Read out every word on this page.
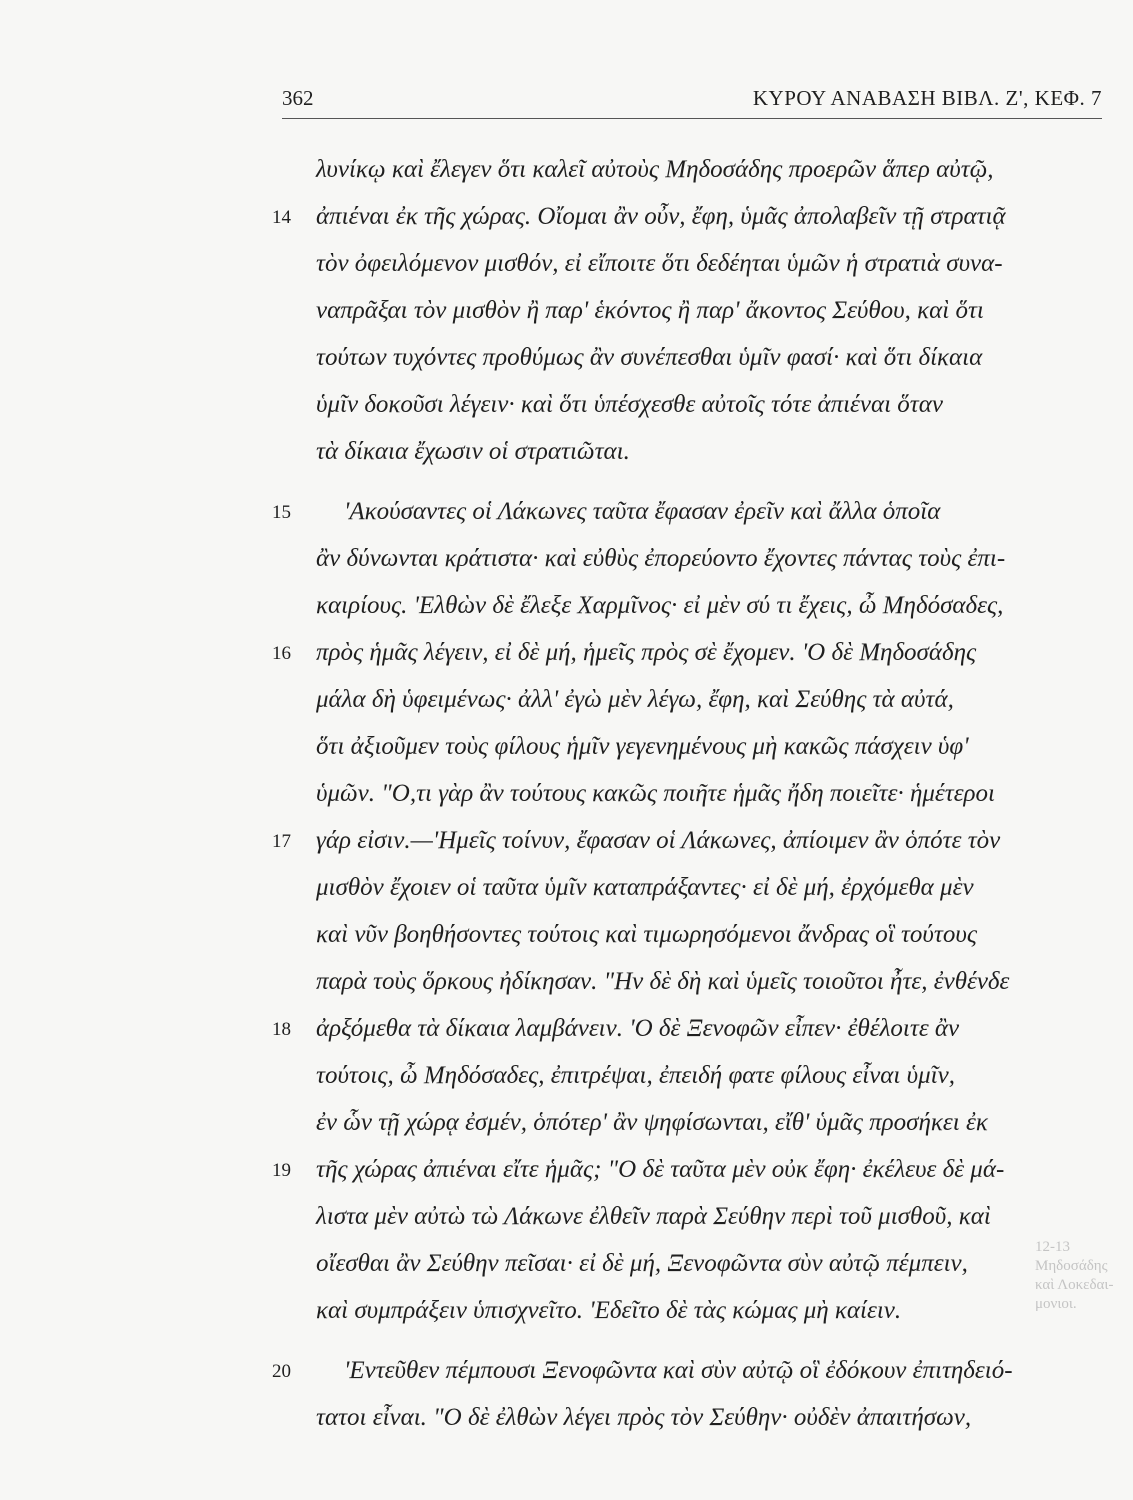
362	ΚΥΡΟΥ ΑΝΑΒΑΣΗ ΒΙΒΛ. Ζ', ΚΕΦ. 7
λυνίκῳ καὶ ἔλεγεν ὅτι καλεῖ αὐτοὺς Μηδοσάδης προερῶν ἅπερ αὐτῷ,
14 ἀπιέναι ἐκ τῆς χώρας. Οἴομαι ἂν οὖν, ἔφη, ὑμᾶς ἀπολαβεῖν τῇ στρατιᾷ
τὸν ὀφειλόμενον μισθόν, εἰ εἴποιτε ὅτι δεδέηται ὑμῶν ἡ στρατιὰ συνα-
ναπρᾶξαι τὸν μισθὸν ἢ παρ' ἑκόντος ἢ παρ' ἄκοντος Σεύθου, καὶ ὅτι
τούτων τυχόντες προθύμως ἂν συνέπεσθαι ὑμῖν φασί· καὶ ὅτι δίκαια
ὑμῖν δοκοῦσι λέγειν· καὶ ὅτι ὑπέσχεσθε αὐτοῖς τότε ἀπιέναι ὅταν
τὰ δίκαια ἔχωσιν οἱ στρατιῶται.
15 'Ακούσαντες οἱ Λάκωνες ταῦτα ἔφασαν ἐρεῖν καὶ ἄλλα ὁποῖα
ἂν δύνωνται κράτιστα· καὶ εὐθὺς ἐπορεύοντο ἔχοντες πάντας τοὺς ἐπι-
καιρίους. 'Ελθὼν δὲ ἔλεξε Χαρμῖνος· εἰ μὲν σύ τι ἔχεις, ὦ Μηδόσαδες,
16 πρὸς ἡμᾶς λέγειν, εἰ δὲ μή, ἡμεῖς πρὸς σὲ ἔχομεν. 'Ο δὲ Μηδοσάδης
μάλα δὴ ὑφειμένως· ἀλλ' ἐγὼ μὲν λέγω, ἔφη, καὶ Σεύθης τὰ αὐτά,
ὅτι ἀξιοῦμεν τοὺς φίλους ἡμῖν γεγενημένους μὴ κακῶς πάσχειν ὑφ'
ὑμῶν. "Ο,τι γὰρ ἂν τούτους κακῶς ποιῆτε ἡμᾶς ἤδη ποιεῖτε· ἡμέτεροι
17 γάρ εἰσιν.—'Ημεῖς τοίνυν, ἔφασαν οἱ Λάκωνες, ἀπίοιμεν ἂν ὁπότε τὸν
μισθὸν ἔχοιεν οἱ ταῦτα ὑμῖν καταπράξαντες· εἰ δὲ μή, ἐρχόμεθα μὲν
καὶ νῦν βοηθήσοντες τούτοις καὶ τιμωρησόμενοι ἄνδρας οἳ τούτους
παρὰ τοὺς ὅρκους ἠδίκησαν. "Ην δὲ δὴ καὶ ὑμεῖς τοιοῦτοι ἦτε, ἐνθένδε
18 ἀρξόμεθα τὰ δίκαια λαμβάνειν. 'Ο δὲ Ξενοφῶν εἶπεν· ἐθέλοιτε ἂν
τούτοις, ὦ Μηδόσαδες, ἐπιτρέψαι, ἐπειδή φατε φίλους εἶναι ὑμῖν,
ἐν ὧν τῇ χώρᾳ ἐσμέν, ὁπότερ' ἂν ψηφίσωνται, εἴθ' ὑμᾶς προσήκει ἐκ
19 τῆς χώρας ἀπιέναι εἴτε ἡμᾶς; "Ο δὲ ταῦτα μὲν οὐκ ἔφη· ἐκέλευε δὲ μά-
λιστα μὲν αὐτὼ τὼ Λάκωνε ἐλθεῖν παρὰ Σεύθην περὶ τοῦ μισθοῦ, καὶ
οἴεσθαι ἂν Σεύθην πεῖσαι· εἰ δὲ μή, Ξενοφῶντα σὺν αὐτῷ πέμπειν,
καὶ συμπράξειν ὑπισχνεῖτο. 'Εδεῖτο δὲ τὰς κώμας μὴ καίειν.
20 'Εντεῦθεν πέμπουσι Ξενοφῶντα καὶ σὺν αὐτῷ οἳ ἐδόκουν ἐπιτηδειό-
τατοι εἶναι. "Ο δὲ ἐλθὼν λέγει πρὸς τὸν Σεύθην· οὐδὲν ἀπαιτήσων,
12-13 Μηδοσάδης καὶ Λοκεδαι- μονιοι.
